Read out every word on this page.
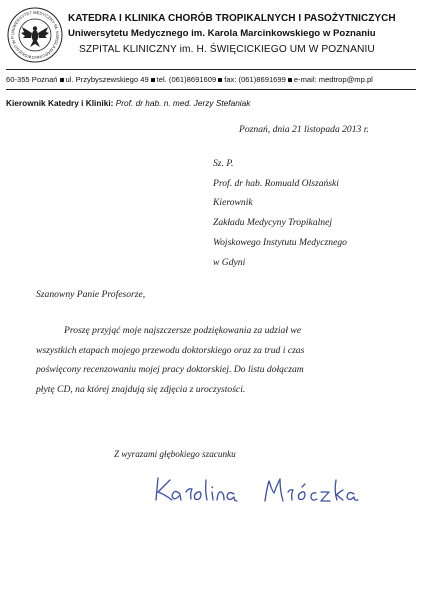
UNIWERSYTET MEDYCZNY IM. KAROLA MARCINKOWSKIEGO W P
KATEDRA I KLINIKA CHORÓB TROPIKALNYCH I PASOŻYTNICZYCH
Uniwersytetu Medycznego im. Karola Marcinkowskiego w Poznaniu
SZPITAL KLINICZNY im. H. ŚWIĘCICKIEGO UM W POZNANIU
60-355 Poznań ul. Przybyszewskiego 49 tel. (061)8691609 fax: (061)8691699 e-mail: medtrop@mp.pl
Kierownik Katedry i Kliniki: Prof. dr hab. n. med. Jerzy Stefaniak
Poznań, dnia 21 listopada 2013 r.
Sz. P.
Prof. dr hab. Romuald Olszański
Kierownik
Zakładu Medycyny Tropikalnej
Wojskowego Instytutu Medycznego
w Gdyni
Szanowny Panie Profesorze,
Proszę przyjąć moje najszczersze podziękowania za udział we
wszystkich etapach mojego przewodu doktorskiego oraz za trud i czas
poświęcony recenzowaniu mojej pracy doktorskiej. Do listu dołączam
płytę CD, na której znajdują się zdjęcia z uroczystości.
Z wyrazami głębokiego szacunku
